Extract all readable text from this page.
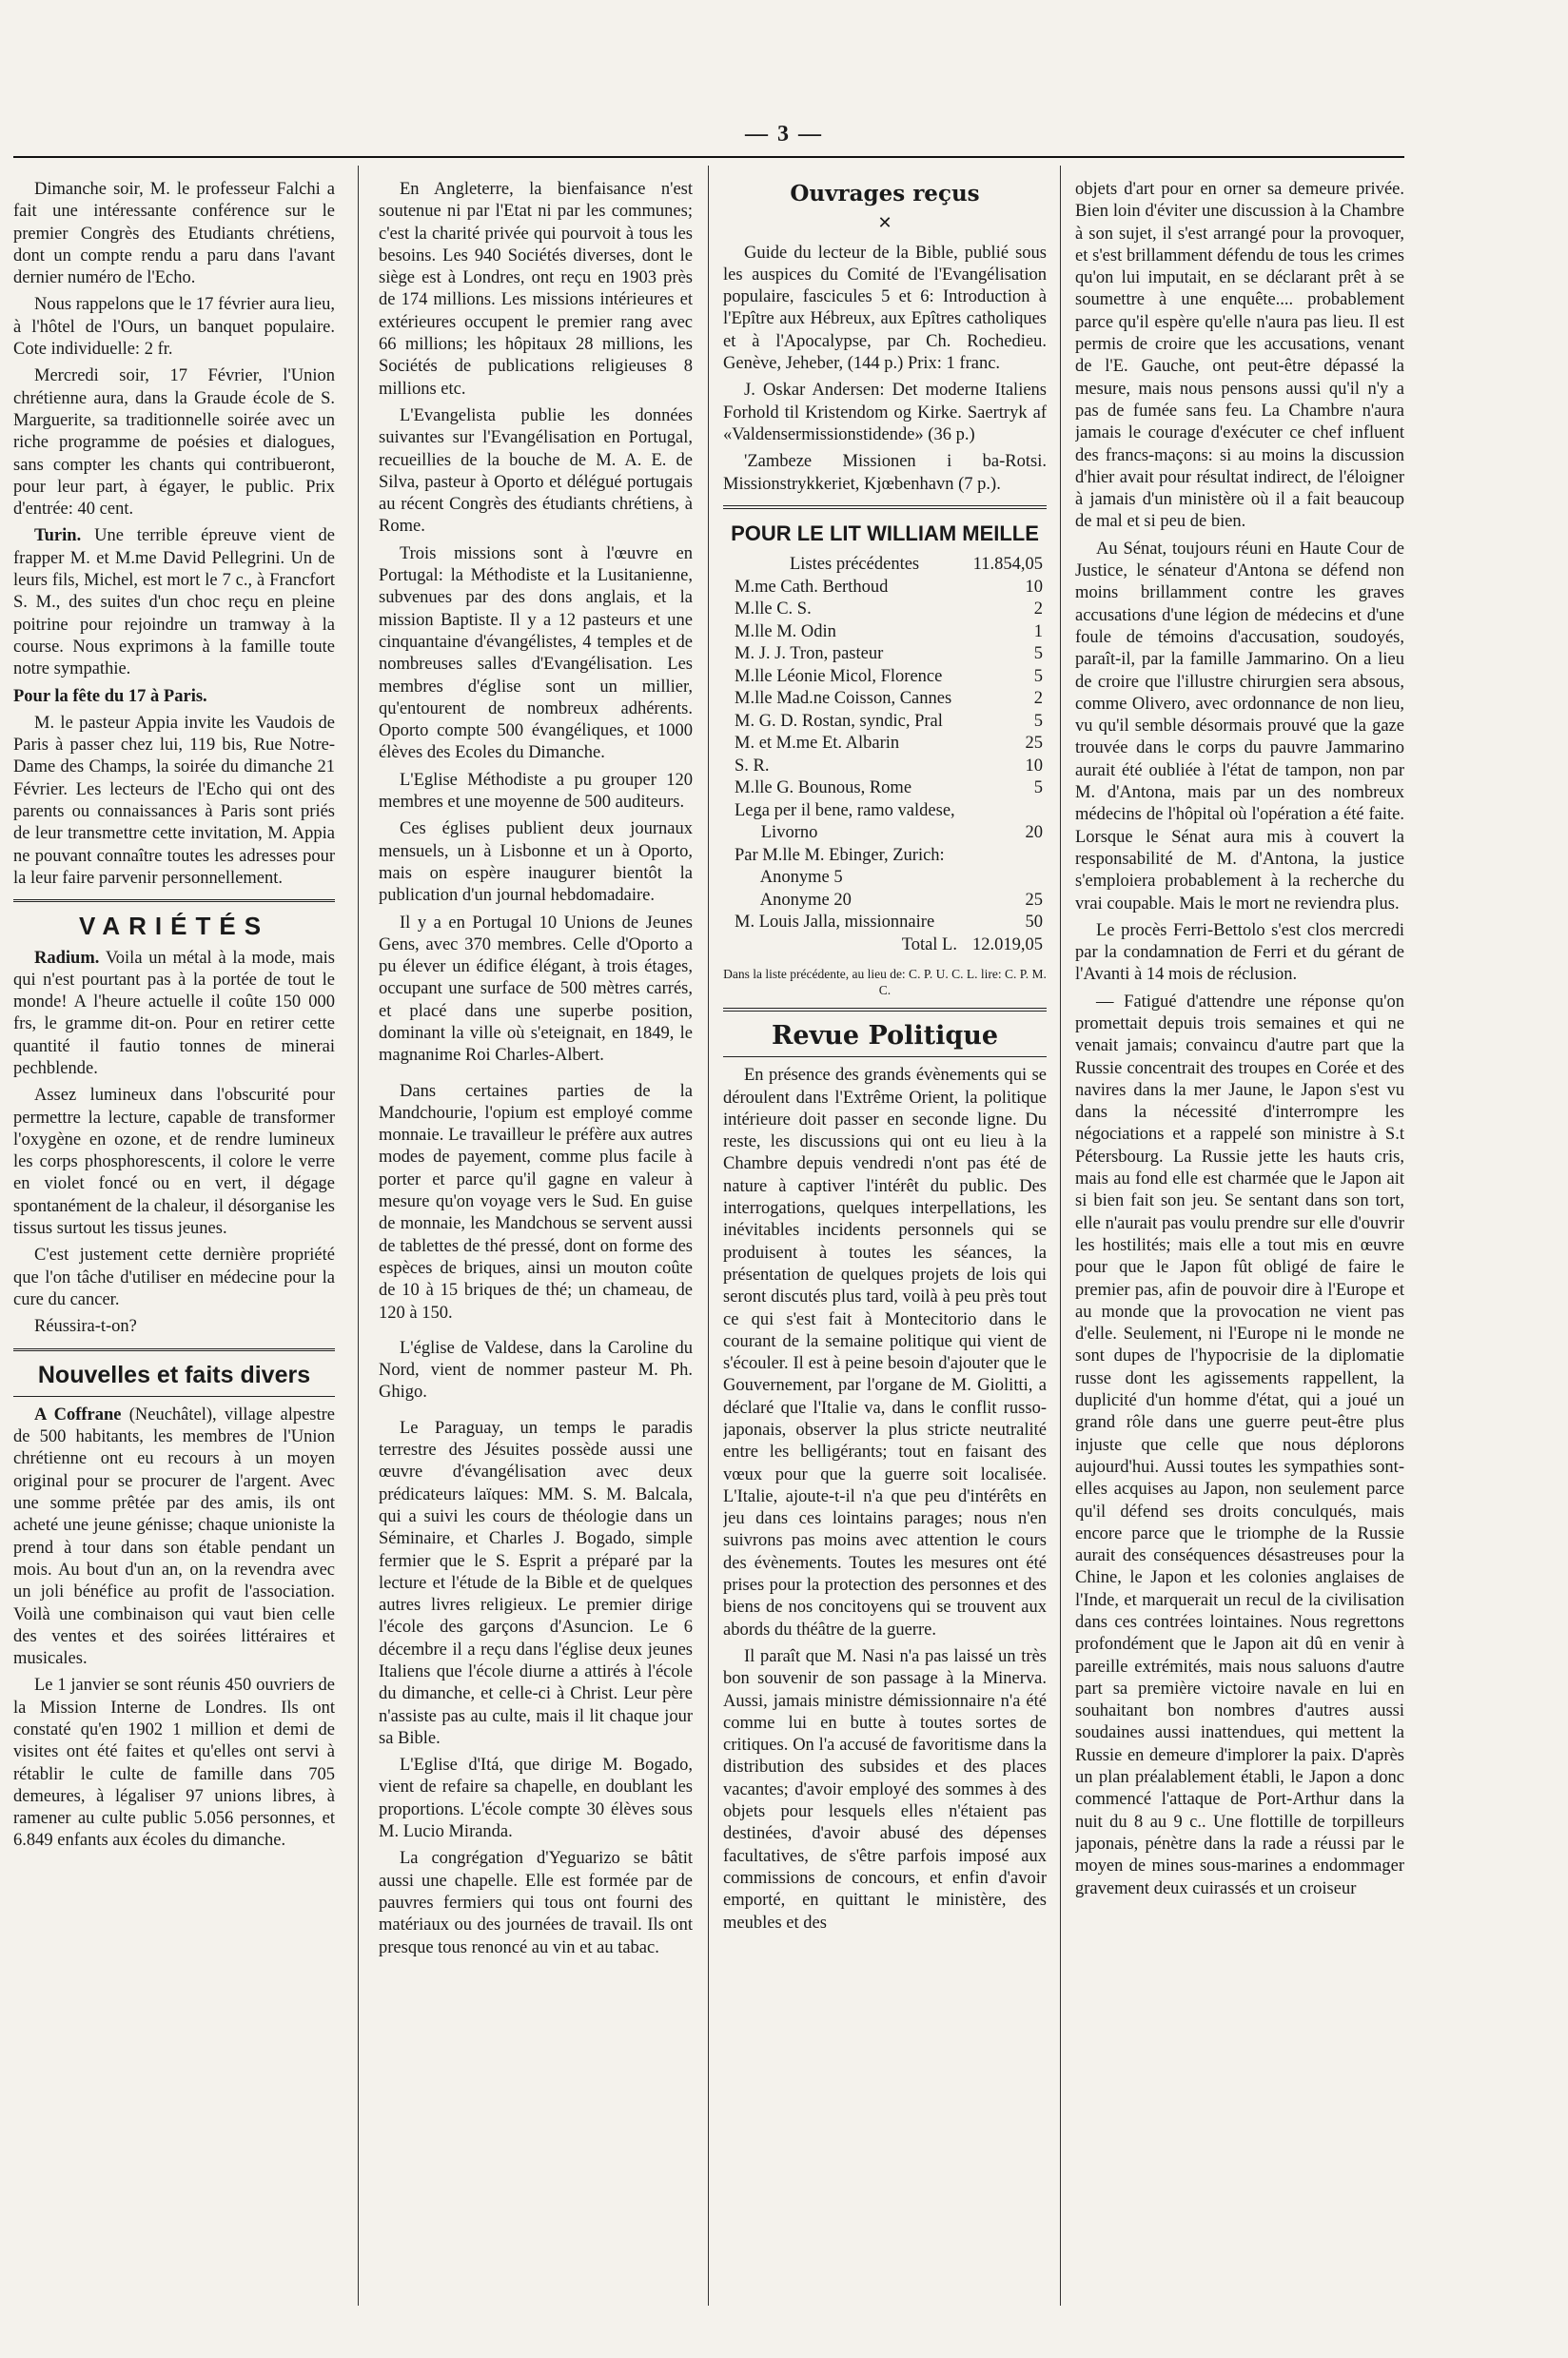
— 3 —

Dimanche soir, M. le professeur Falchi a fait une intéressante conférence sur le premier Congrès des Etudiants chrétiens, dont un compte rendu a paru dans l'avant dernier numéro de l'Echo.

Nous rappelons que le 17 février aura lieu, à l'hôtel de l'Ours, un banquet populaire. Cote individuelle: 2 fr.

Mercredi soir, 17 Février, l'Union chrétienne aura, dans la Graude école de S. Marguerite, sa traditionnelle soirée avec un riche programme de poésies et dialogues, sans compter les chants qui contribueront, pour leur part, à égayer, le public. Prix d'entrée: 40 cent.

Turin. Une terrible épreuve vient de frapper M. et M.me David Pellegrini. Un de leurs fils, Michel, est mort le 7 c., à Francfort S. M., des suites d'un choc reçu en pleine poitrine pour rejoindre un tramway à la course. Nous exprimons à la famille toute notre sympathie.

Pour la fête du 17 à Paris.

M. le pasteur Appia invite les Vaudois de Paris à passer chez lui, 119 bis, Rue Notre-Dame des Champs, la soirée du dimanche 21 Février. Les lecteurs de l'Echo qui ont des parents ou connaissances à Paris sont priés de leur transmettre cette invitation, M. Appia ne pouvant connaître toutes les adresses pour la leur faire parvenir personnellement.

VARIÉTÉS

Radium. Voila un métal à la mode, mais qui n'est pourtant pas à la portée de tout le monde! A l'heure actuelle il coûte 150 000 frs, le gramme dit-on. Pour en retirer cette quantité il fautio tonnes de minerai pechblende.

Assez lumineux dans l'obscurité pour permettre la lecture, capable de transformer l'oxygène en ozone, et de rendre lumineux les corps phosphorescents, il colore le verre en violet foncé ou en vert, il dégage spontanément de la chaleur, il désorganise les tissus surtout les tissus jeunes.

C'est justement cette dernière propriété que l'on tâche d'utiliser en médecine pour la cure du cancer.

Réussira-t-on?

Nouvelles et faits divers

A Coffrane (Neuchâtel), village alpestre de 500 habitants, les membres de l'Union chrétienne ont eu recours à un moyen original pour se procurer de l'argent. Avec une somme prêtée par des amis, ils ont acheté une jeune génisse; chaque unioniste la prend à tour dans son étable pendant un mois. Au bout d'un an, on la revendra avec un joli bénéfice au profit de l'association. Voilà une combinaison qui vaut bien celle des ventes et des soirées littéraires et musicales.

Le 1 janvier se sont réunis 450 ouvriers de la Mission Interne de Londres. Ils ont constaté qu'en 1902 1 million et demi de visites ont été faites et qu'elles ont servi à rétablir le culte de famille dans 705 demeures, à légaliser 97 unions libres, à ramener au culte public 5.056 personnes, et 6.849 enfants aux écoles du dimanche.

En Angleterre, la bienfaisance n'est soutenue ni par l'Etat ni par les communes; c'est la charité privée qui pourvoit à tous les besoins. Les 940 Sociétés diverses, dont le siège est à Londres, ont reçu en 1903 près de 174 millions. Les missions intérieures et extérieures occupent le premier rang avec 66 millions; les hôpitaux 28 millions, les Sociétés de publications religieuses 8 millions etc.

L'Evangelista publie les données suivantes sur l'Evangélisation en Portugal, recueillies de la bouche de M. A. E. de Silva, pasteur à Oporto et délégué portugais au récent Congrès des étudiants chrétiens, à Rome.

Trois missions sont à l'œuvre en Portugal: la Méthodiste et la Lusitanienne, subvenues par des dons anglais, et la mission Baptiste. Il y a 12 pasteurs et une cinquantaine d'évangélistes, 4 temples et de nombreuses salles d'Evangélisation. Les membres d'église sont un millier, qu'entourent de nombreux adhérents. Oporto compte 500 évangéliques, et 1000 élèves des Ecoles du Dimanche.

L'Eglise Méthodiste a pu grouper 120 membres et une moyenne de 500 auditeurs.

Ces églises publient deux journaux mensuels, un à Lisbonne et un à Oporto, mais on espère inaugurer bientôt la publication d'un journal hebdomadaire.

Il y a en Portugal 10 Unions de Jeunes Gens, avec 370 membres. Celle d'Oporto a pu élever un édifice élégant, à trois étages, occupant une surface de 500 mètres carrés, et placé dans une superbe position, dominant la ville où s'eteignait, en 1849, le magnanime Roi Charles-Albert.

Dans certaines parties de la Mandchourie, l'opium est employé comme monnaie. Le travailleur le préfère aux autres modes de payement, comme plus facile à porter et parce qu'il gagne en valeur à mesure qu'on voyage vers le Sud. En guise de monnaie, les Mandchous se servent aussi de tablettes de thé pressé, dont on forme des espèces de briques, ainsi un mouton coûte de 10 à 15 briques de thé; un chameau, de 120 à 150.

L'église de Valdese, dans la Caroline du Nord, vient de nommer pasteur M. Ph. Ghigo.

Le Paraguay, un temps le paradis terrestre des Jésuites possède aussi une œuvre d'évangélisation avec deux prédicateurs laïques: MM. S. M. Balcala, qui a suivi les cours de théologie dans un Séminaire, et Charles J. Bogado, simple fermier que le S. Esprit a préparé par la lecture et l'étude de la Bible et de quelques autres livres religieux. Le premier dirige l'école des garçons d'Asuncion. Le 6 décembre il a reçu dans l'église deux jeunes Italiens que l'école diurne a attirés à l'école du dimanche, et celle-ci à Christ. Leur père n'assiste pas au culte, mais il lit chaque jour sa Bible.

L'Eglise d'Itá, que dirige M. Bogado, vient de refaire sa chapelle, en doublant les proportions. L'école compte 30 élèves sous M. Lucio Miranda.

La congrégation d'Yeguarizo se bâtit aussi une chapelle. Elle est formée par de pauvres fermiers qui tous ont fourni des matériaux ou des journées de travail. Ils ont presque tous renoncé au vin et au tabac.

Ouvrages reçus
✕

Guide du lecteur de la Bible, publié sous les auspices du Comité de l'Evangélisation populaire, fascicules 5 et 6: Introduction à l'Epître aux Hébreux, aux Epîtres catholiques et à l'Apocalypse, par Ch. Rochedieu. Genève, Jeheber, (144 p.) Prix: 1 franc.

J. Oskar Andersen: Det moderne Italiens Forhold til Kristendom og Kirke. Saertryk af «Valdensermissionstidende» (36 p.)

'Zambeze Missionen i ba-Rotsi. Missionstrykkeriet, Kjœbenhavn (7 p.).

POUR LE LIT WILLIAM MEILLE
Listes précédentes	11.854,05
M.me Cath. Berthoud	10
M.lle C. S.	2
M.lle M. Odin	1
M. J. J. Tron, pasteur	5
M.lle Léonie Micol, Florence	5
M.lle Mad.ne Coisson, Cannes	2
M. G. D. Rostan, syndic, Pral	5
M. et M.me Et. Albarin	25
S. R.	10
M.lle G. Bounous, Rome	5
Lega per il bene, ramo valdese,
Livorno	20
Par M.lle M. Ebinger, Zurich:
Anonyme 5
Anonyme 20	25
M. Louis Jalla, missionnaire	50
Total L. 12.019,05
Dans la liste précédente, au lieu de: C. P. U. C. L. lire: C. P. M. C.
Revue Politique

En présence des grands évènements qui se déroulent dans l'Extrême Orient, la politique intérieure doit passer en seconde ligne. Du reste, les discussions qui ont eu lieu à la Chambre depuis vendredi n'ont pas été de nature à captiver l'intérêt du public. Des interrogations, quelques interpellations, les inévitables incidents personnels qui se produisent à toutes les séances, la présentation de quelques projets de lois qui seront discutés plus tard, voilà à peu près tout ce qui s'est fait à Montecitorio dans le courant de la semaine politique qui vient de s'écouler. Il est à peine besoin d'ajouter que le Gouvernement, par l'organe de M. Giolitti, a déclaré que l'Italie va, dans le conflit russo-japonais, observer la plus stricte neutralité entre les belligérants; tout en faisant des vœux pour que la guerre soit localisée. L'Italie, ajoute-t-il n'a que peu d'intérêts en jeu dans ces lointains parages; nous n'en suivrons pas moins avec attention le cours des évènements. Toutes les mesures ont été prises pour la protection des personnes et des biens de nos concitoyens qui se trouvent aux abords du théâtre de la guerre.

Il paraît que M. Nasi n'a pas laissé un très bon souvenir de son passage à la Minerva. Aussi, jamais ministre démissionnaire n'a été comme lui en butte à toutes sortes de critiques. On l'a accusé de favoritisme dans la distribution des subsides et des places vacantes; d'avoir employé des sommes à des objets pour lesquels elles n'étaient pas destinées, d'avoir abusé des dépenses facultatives, de s'être parfois imposé aux commissions de concours, et enfin d'avoir emporté, en quittant le ministère, des meubles et des

objets d'art pour en orner sa demeure privée. Bien loin d'éviter une discussion à la Chambre à son sujet, il s'est arrangé pour la provoquer, et s'est brillamment défendu de tous les crimes qu'on lui imputait, en se déclarant prêt à se soumettre à une enquête.... probablement parce qu'il espère qu'elle n'aura pas lieu. Il est permis de croire que les accusations, venant de l'E. Gauche, ont peut-être dépassé la mesure, mais nous pensons aussi qu'il n'y a pas de fumée sans feu. La Chambre n'aura jamais le courage d'exécuter ce chef influent des francs-maçons: si au moins la discussion d'hier avait pour résultat indirect, de l'éloigner à jamais d'un ministère où il a fait beaucoup de mal et si peu de bien.

Au Sénat, toujours réuni en Haute Cour de Justice, le sénateur d'Antona se défend non moins brillamment contre les graves accusations d'une légion de médecins et d'une foule de témoins d'accusation, soudoyés, paraît-il, par la famille Jammarino. On a lieu de croire que l'illustre chirurgien sera absous, comme Olivero, avec ordonnance de non lieu, vu qu'il semble désormais prouvé que la gaze trouvée dans le corps du pauvre Jammarino aurait été oubliée à l'état de tampon, non par M. d'Antona, mais par un des nombreux médecins de l'hôpital où l'opération a été faite. Lorsque le Sénat aura mis à couvert la responsabilité de M. d'Antona, la justice s'emploiera probablement à la recherche du vrai coupable. Mais le mort ne reviendra plus.

Le procès Ferri-Bettolo s'est clos mercredi par la condamnation de Ferri et du gérant de l'Avanti à 14 mois de réclusion.

— Fatigué d'attendre une réponse qu'on promettait depuis trois semaines et qui ne venait jamais; convaincu d'autre part que la Russie concentrait des troupes en Corée et des navires dans la mer Jaune, le Japon s'est vu dans la nécessité d'interrompre les négociations et a rappelé son ministre à S.t Pétersbourg. La Russie jette les hauts cris, mais au fond elle est charmée que le Japon ait si bien fait son jeu. Se sentant dans son tort, elle n'aurait pas voulu prendre sur elle d'ouvrir les hostilités; mais elle a tout mis en œuvre pour que le Japon fût obligé de faire le premier pas, afin de pouvoir dire à l'Europe et au monde que la provocation ne vient pas d'elle. Seulement, ni l'Europe ni le monde ne sont dupes de l'hypocrisie de la diplomatie russe dont les agissements rappellent, la duplicité d'un homme d'état, qui a joué un grand rôle dans une guerre peut-être plus injuste que celle que nous déplorons aujourd'hui. Aussi toutes les sympathies sont-elles acquises au Japon, non seulement parce qu'il défend ses droits conculqués, mais encore parce que le triomphe de la Russie aurait des conséquences désastreuses pour la Chine, le Japon et les colonies anglaises de l'Inde, et marquerait un recul de la civilisation dans ces contrées lointaines. Nous regrettons profondément que le Japon ait dû en venir à pareille extrémités, mais nous saluons d'autre part sa première victoire navale en lui en souhaitant bon nombres d'autres aussi soudaines aussi inattendues, qui mettent la Russie en demeure d'implorer la paix. D'après un plan préalablement établi, le Japon a donc commencé l'attaque de Port-Arthur dans la nuit du 8 au 9 c.. Une flottille de torpilleurs japonais, pénètre dans la rade a réussi par le moyen de mines sous-marines a endommager gravement deux cuirassés et un croiseur
